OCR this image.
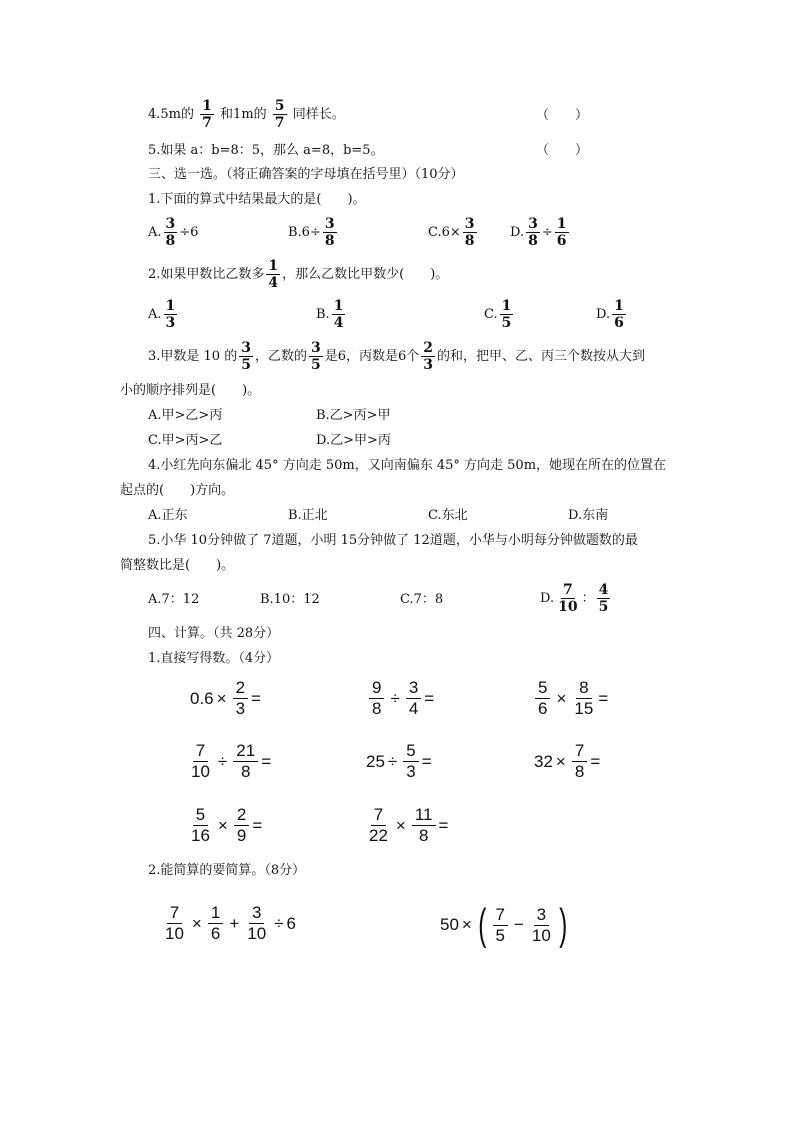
4.5m的 $\frac{1}{7}$ 和1m的 $\frac{5}{7}$ 同样长。	（　　）
5.如果 a：b=8：5，那么 a=8，b=5。	（　　）
三、选一选。（将正确答案的字母填在括号里）（10分）
1.下面的算式中结果最大的是(　　)。
A. $\frac{3}{8} \div 6$	$B.6\div \frac{3}{8}$	$C.6\times \frac{3}{8}$	D. $\frac{3}{8} \div \frac{1}{6}$
2.如果甲数比乙数多 $\frac{1}{4}$ ，那么乙数比甲数少(　　)。
A. $\frac{1}{3}$	B. $\frac{1}{4}$	C. $\frac{1}{5}$	D. $\frac{1}{6}$
3.甲数是 10 的 $\frac{3}{5}$ ，乙数的 $\frac{3}{5}$ 是6，丙数是6个 $\frac{2}{3}$ 的和，把甲、乙、丙三个数按从大到
小的顺序排列是(　　)。
A.甲>乙>丙	B.乙>丙>甲
C.甲>丙>乙	D.乙>甲>丙
4.小红先向东偏北 45° 方向走 50m，又向南偏东 45° 方向走 50m，她现在所在的位置在
起点的(　　)方向。
A.正东	B.正北	C.东北	D.东南
5.小华 10分钟做了 7道题，小明 15分钟做了 12道题，小华与小明每分钟做题数的最
简整数比是(　　)。
A.7：12	B.10：12	C.7：8	D. $\frac{7}{10}$ ： $\frac{4}{5}$
四、计算。（共 28分）
1.直接写得数。（4分）
$0.6 \times \frac{2}{3}$ =	$\frac{9}{8} \div \frac{3}{4}$ =	$\frac{5}{6} \times \frac{8}{15}$ =
$\frac{7}{10} \div \frac{21}{8}$ =	$25 \div \frac{5}{3}$ =	$32 \times \frac{7}{8}$ =
$\frac{5}{16} \times \frac{2}{9}$ =	$\frac{7}{22} \times \frac{11}{8}$ =
2.能简算的要简算。（8分）
$\frac{7}{10} \times \frac{1}{6} + \frac{3}{10} \div 6$	50 × ( 7
5
− $\frac{3}{10}$ )
